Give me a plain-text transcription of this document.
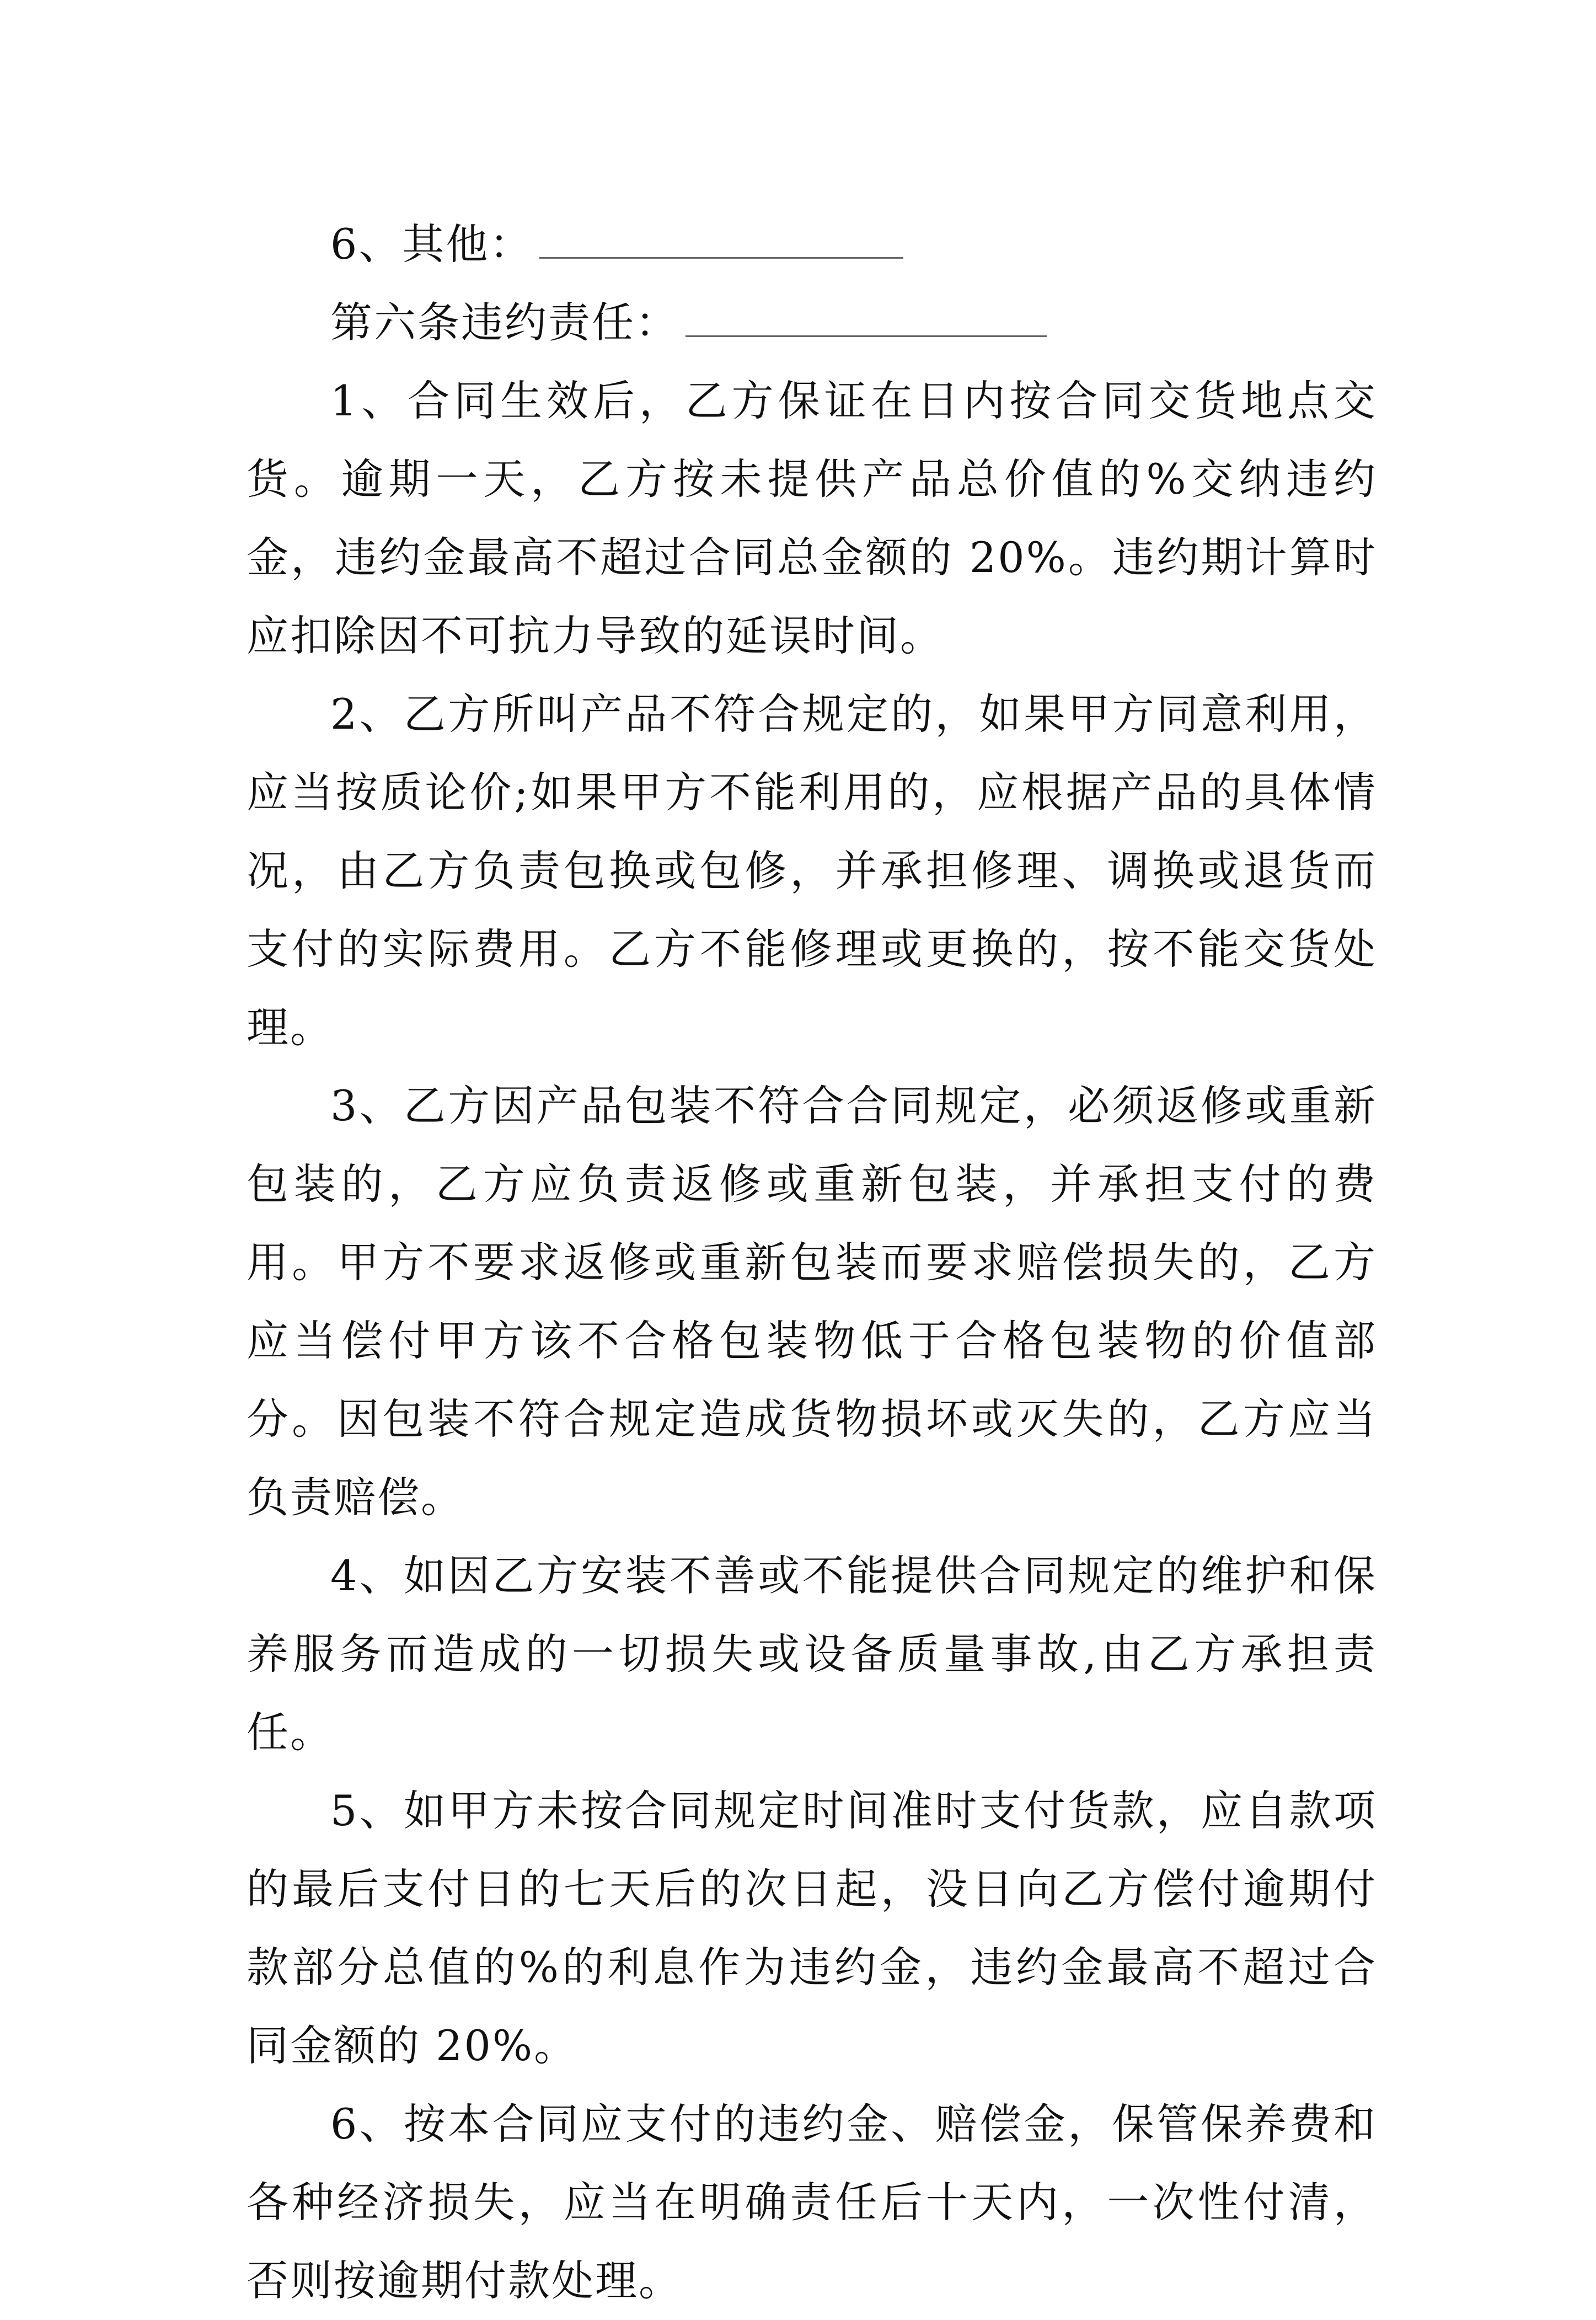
6、其他：

第六条违约责任：

1、合同生效后，乙方保证在日内按合同交货地点交货。逾期一天，乙方按未提供产品总价值的%交纳违约金，违约金最高不超过合同总金额的 20%。违约期计算时应扣除因不可抗力导致的延误时间。

2、乙方所叫产品不符合规定的，如果甲方同意利用，应当按质论价;如果甲方不能利用的，应根据产品的具体情况，由乙方负责包换或包修，并承担修理、调换或退货而支付的实际费用。乙方不能修理或更换的，按不能交货处理。

3、乙方因产品包装不符合合同规定，必须返修或重新包装的，乙方应负责返修或重新包装，并承担支付的费用。甲方不要求返修或重新包装而要求赔偿损失的，乙方应当偿付甲方该不合格包装物低于合格包装物的价值部分。因包装不符合规定造成货物损坏或灭失的，乙方应当负责赔偿。

4、如因乙方安装不善或不能提供合同规定的维护和保养服务而造成的一切损失或设备质量事故,由乙方承担责任。

5、如甲方未按合同规定时间准时支付货款，应自款项的最后支付日的七天后的次日起，没日向乙方偿付逾期付款部分总值的%的利息作为违约金，违约金最高不超过合同金额的 20%。

6、按本合同应支付的违约金、赔偿金，保管保养费和各种经济损失，应当在明确责任后十天内，一次性付清，否则按逾期付款处理。
